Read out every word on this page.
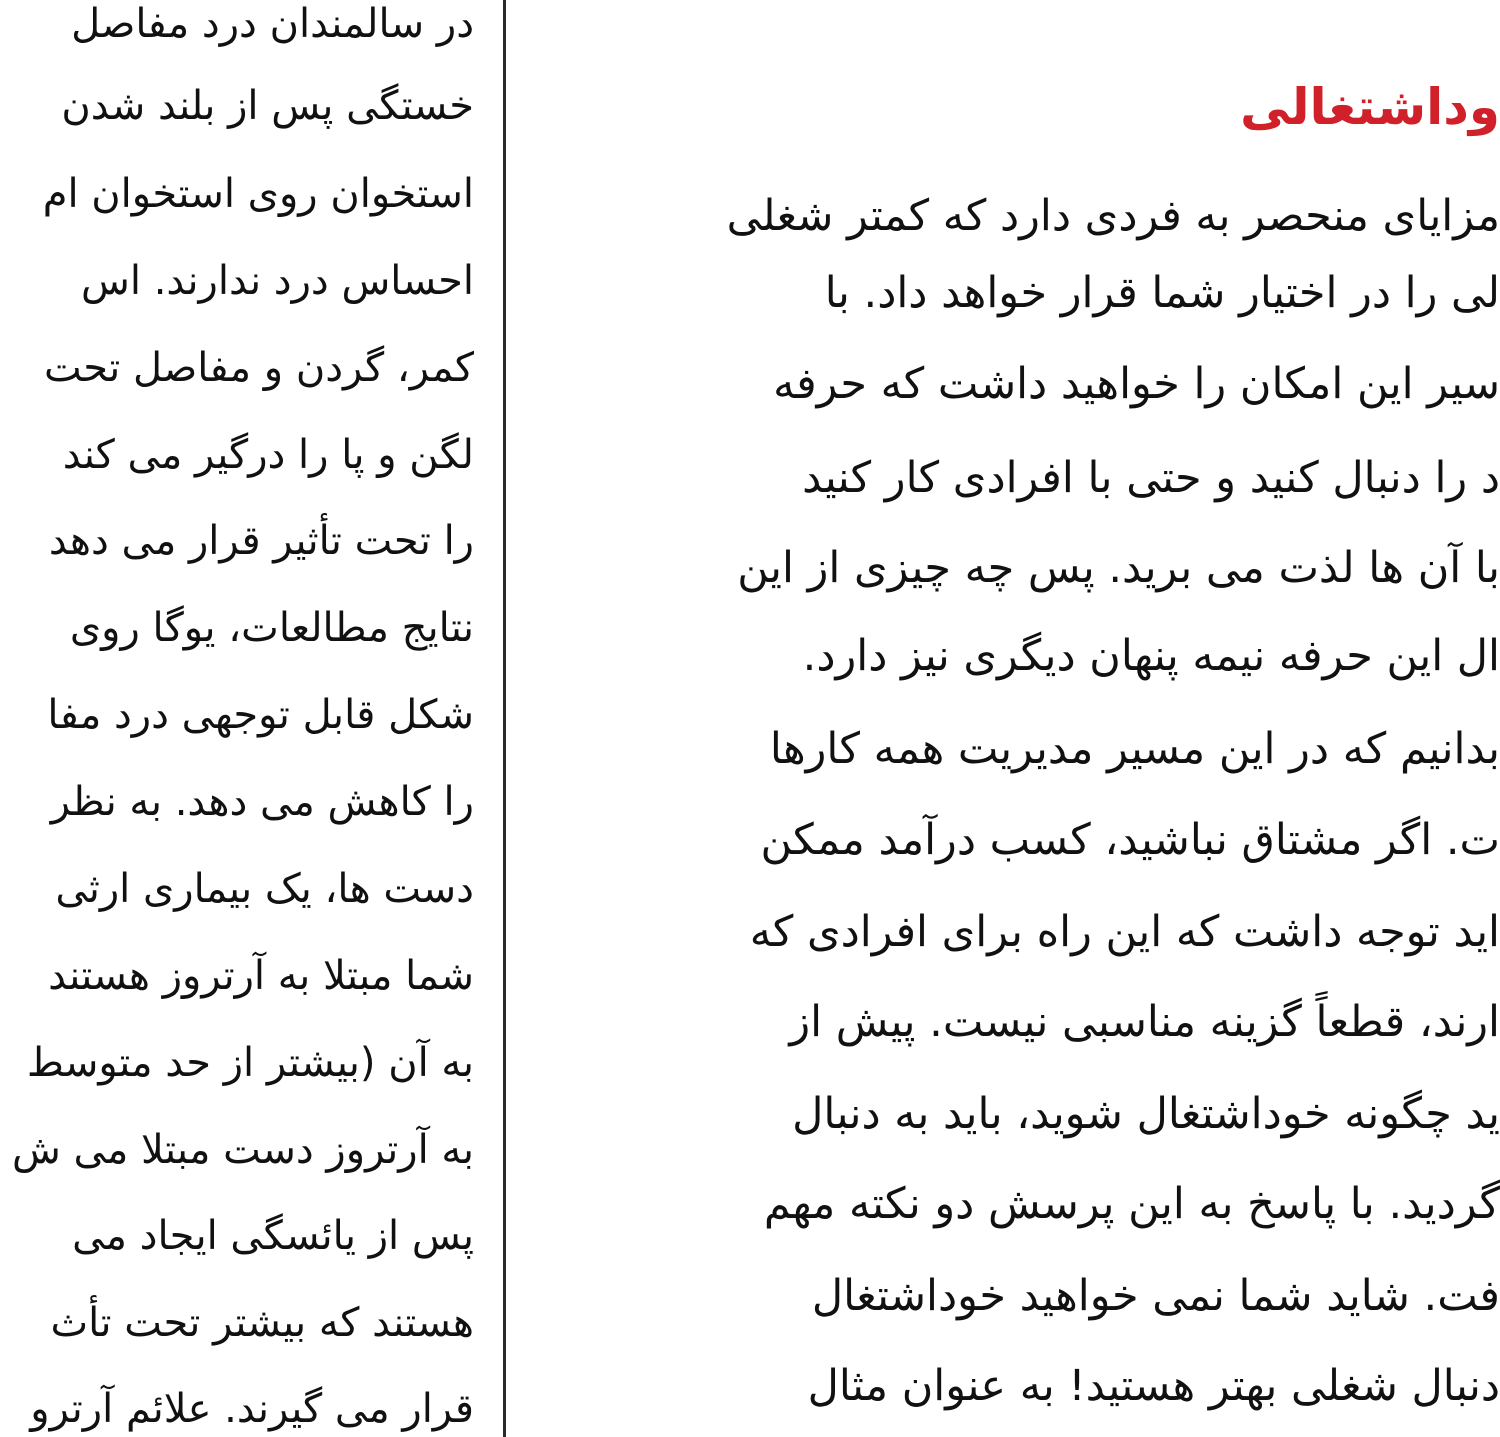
در سالمندان درد مفاصل
خستگی پس از بلند شدن
استخوان روی استخوان ام
احساس درد ندارند. اس
کمر، گردن و مفاصل تحت
لگن و پا را درگیر می کند
را تحت تأثیر قرار می دهد
نتایج مطالعات، یوگا روی
شکل قابل توجهی درد مفا
را کاهش می دهد. به نظر
دست ها، یک بیماری ارثی
شما مبتلا به آرتروز هستند
به آن (بیشتر از حد متوسط
به آرتروز دست مبتلا می ش
پس از یائسگی ایجاد می
هستند که بیشتر تحت تأث
قرار می گیرند. علائم آرترو
وداشتغالی
مزایای منحصر به فردی دارد که کمتر شغلی
لی را در اختیار شما قرار خواهد داد. با
سیر این امکان را خواهید داشت که حرفه
د را دنبال کنید و حتی با افرادی کار کنید
با آن ها لذت می برید. پس چه چیزی از این
ال این حرفه نیمه پنهان دیگری نیز دارد.
بدانیم که در این مسیر مدیریت همه کارها
ت. اگر مشتاق نباشید، کسب درآمد ممکن
اید توجه داشت که این راه برای افرادی که
ارند، قطعاً گزینه مناسبی نیست. پیش از
ید چگونه خوداشتغال شوید، باید به دنبال
گردید. با پاسخ به این پرسش دو نکته مهم
فت. شاید شما نمی خواهید خوداشتغال
دنبال شغلی بهتر هستید! به عنوان مثال
